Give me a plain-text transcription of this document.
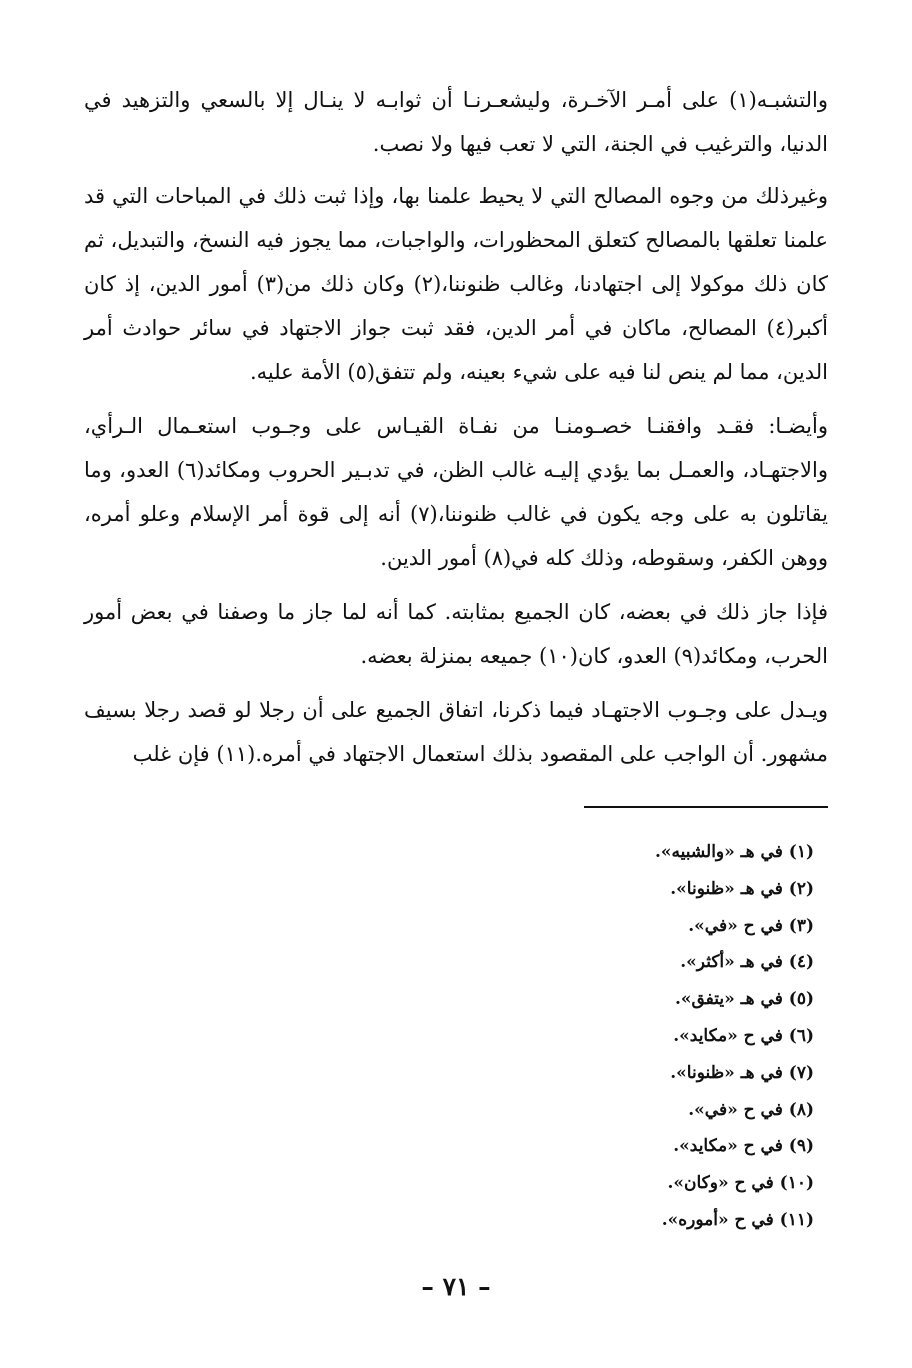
والتشبـه(١) على أمـر الآخـرة، وليشعـرنـا أن ثوابـه لا ينـال إلا بالسعي والتزهيد في الدنيا، والترغيب في الجنة، التي لا تعب فيها ولا نصب.

وغيرذلك من وجوه المصالح التي لا يحيط علمنا بها، وإذا ثبت ذلك في المباحات التي قد علمنا تعلقها بالمصالح كتعلق المحظورات، والواجبات، مما يجوز فيه النسخ، والتبديل، ثم كان ذلك موكولا إلى اجتهادنا، وغالب ظنوننا،(٢) وكان ذلك من(٣) أمور الدين، إذ كان أكبر(٤) المصالح، ماكان في أمر الدين، فقد ثبت جواز الاجتهاد في سائر حوادث أمر الدين، مما لم ينص لنا فيه على شيء بعينه، ولم تتفق(٥) الأمة عليه.

وأيضـا: فقـد وافقنـا خصـومنـا من نفـاة القيـاس على وجـوب استعـمال الـرأي، والاجتهـاد، والعمـل بما يؤدي إليـه غالب الظن، في تدبـير الحروب ومكائد(٦) العدو، وما يقاتلون به على وجه يكون في غالب ظنوننا،(٧) أنه إلى قوة أمر الإسلام وعلو أمره، ووهن الكفر، وسقوطه، وذلك كله في(٨) أمور الدين.

فإذا جاز ذلك في بعضه، كان الجميع بمثابته. كما أنه لما جاز ما وصفنا في بعض أمور الحرب، ومكائد(٩) العدو، كان(١٠) جميعه بمنزلة بعضه.

ويـدل على وجـوب الاجتهـاد فيما ذكرنا، اتفاق الجميع على أن رجلا لو قصد رجلا بسيف مشهور. أن الواجب على المقصود بذلك استعمال الاجتهاد في أمره.(١١) فإن غلب

(١) في هـ «والشبيه».
(٢) في هـ «ظنونا».
(٣) في ح «في».
(٤) في هـ «أكثر».
(٥) في هـ «يتفق».
(٦) في ح «مكايد».
(٧) في هـ «ظنونا».
(٨) في ح «في».
(٩) في ح «مكايد».
(١٠) في ح «وكان».
(١١) في ح «أموره».
– ٧١ –
